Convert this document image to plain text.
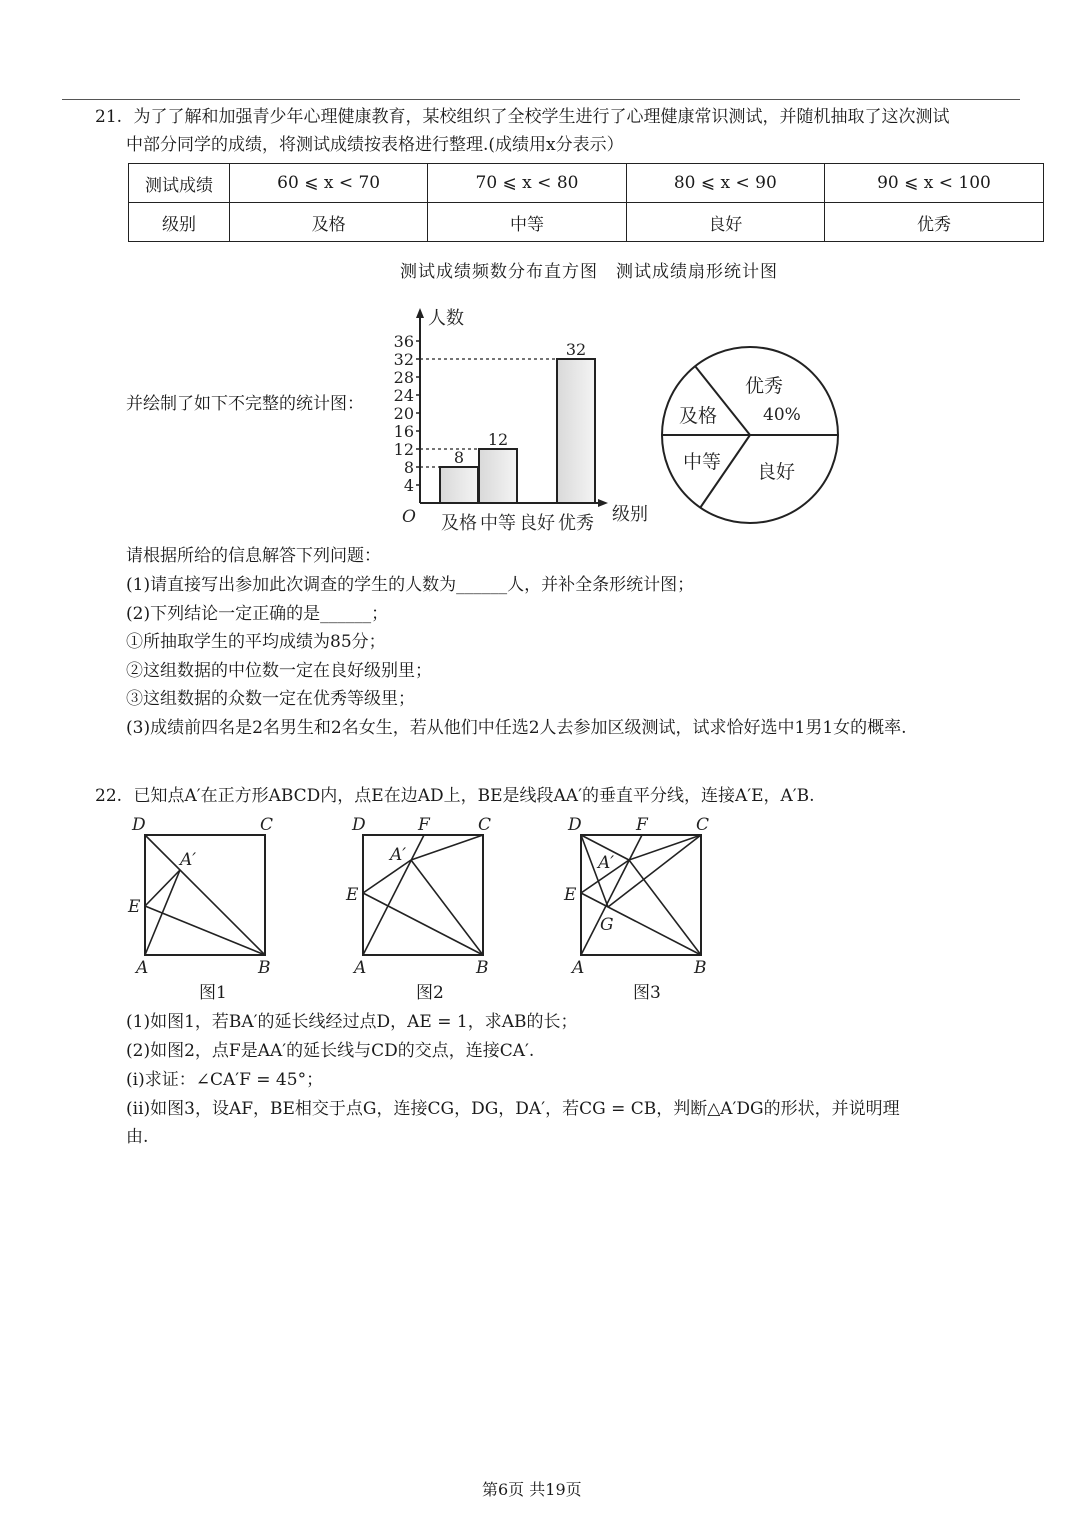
21. 为了了解和加强青少年心理健康教育，某校组织了全校学生进行了心理健康常识测试，并随机抽取了这次测试
中部分同学的成绩，将测试成绩按表格进行整理.(成绩用x分表示）
测试成绩	60 ⩽ x < 70	70 ⩽ x < 80	80 ⩽ x < 90	90 ⩽ x < 100
级别	及格	中等	良好	优秀
测试成绩频数分布直方图　测试成绩扇形统计图
并绘制了如下不完整的统计图：
4
8
12
16
20
24
28
32
36
8
12
32
及格 中等 良好 优秀
人数
级别
O
优秀
40%
及格
中等 良好
请根据所给的信息解答下列问题：
(1)请直接写出参加此次调查的学生的人数为______人，并补全条形统计图；
(2)下列结论一定正确的是______；
①所抽取学生的平均成绩为85分；
②这组数据的中位数一定在良好级别里；
③这组数据的众数一定在优秀等级里；
(3)成绩前四名是2名男生和2名女生，若从他们中任选2人去参加区级测试，试求恰好选中1男1女的概率.
22. 已知点A′在正方形ABCD内，点E在边AD上，BE是线段AA′的垂直平分线，连接A′E，A′B.
D	C
A′
E
A	B
图1
D	F	C
A′
E
A	B
图2
D	F	C
A′
E
G
A	B
图3
(1)如图1，若BA′的延长线经过点D，AE = 1，求AB的长；
(2)如图2，点F是AA′的延长线与CD的交点，连接CA′.
(i)求证：∠CA′F = 45°；
(ii)如图3，设AF，BE相交于点G，连接CG，DG，DA′，若CG = CB，判断△A′DG的形状，并说明理
由.
第6页 共19页
